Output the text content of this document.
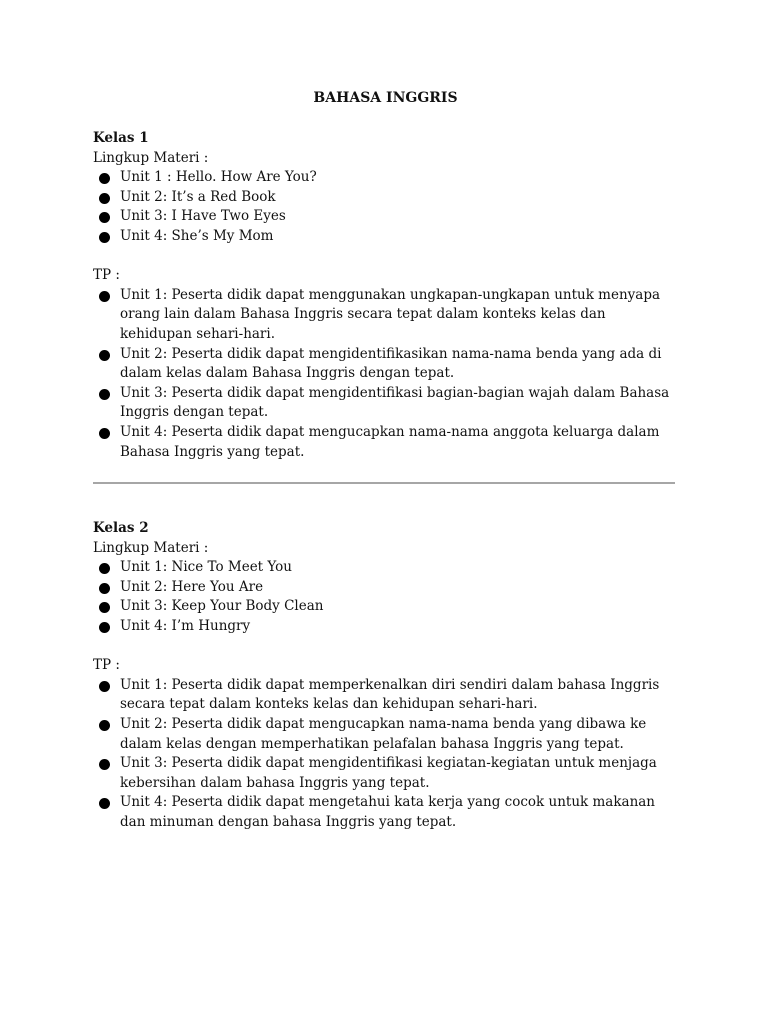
BAHASA INGGRIS

Kelas 1

Lingkup Materi :

Unit 1 : Hello. How Are You?
Unit 2: It’s a Red Book
Unit 3: I Have Two Eyes
Unit 4: She’s My Mom

TP :

Unit 1: Peserta didik dapat menggunakan ungkapan-ungkapan untuk menyapa orang lain dalam Bahasa Inggris secara tepat dalam konteks kelas dan kehidupan sehari-hari.
Unit 2: Peserta didik dapat mengidentifikasikan nama-nama benda yang ada di dalam kelas dalam Bahasa Inggris dengan tepat.
Unit 3: Peserta didik dapat mengidentifikasi bagian-bagian wajah dalam Bahasa Inggris dengan tepat.
Unit 4: Peserta didik dapat mengucapkan nama-nama anggota keluarga dalam Bahasa Inggris yang tepat.

Kelas 2

Lingkup Materi :

Unit 1: Nice To Meet You
Unit 2: Here You Are
Unit 3: Keep Your Body Clean
Unit 4: I’m Hungry

TP :

Unit 1: Peserta didik dapat memperkenalkan diri sendiri dalam bahasa Inggris secara tepat dalam konteks kelas dan kehidupan sehari-hari.
Unit 2: Peserta didik dapat mengucapkan nama-nama benda yang dibawa ke dalam kelas dengan memperhatikan pelafalan bahasa Inggris yang tepat.
Unit 3: Peserta didik dapat mengidentifikasi kegiatan-kegiatan untuk menjaga kebersihan dalam bahasa Inggris yang tepat.
Unit 4: Peserta didik dapat mengetahui kata kerja yang cocok untuk makanan dan minuman dengan bahasa Inggris yang tepat.
